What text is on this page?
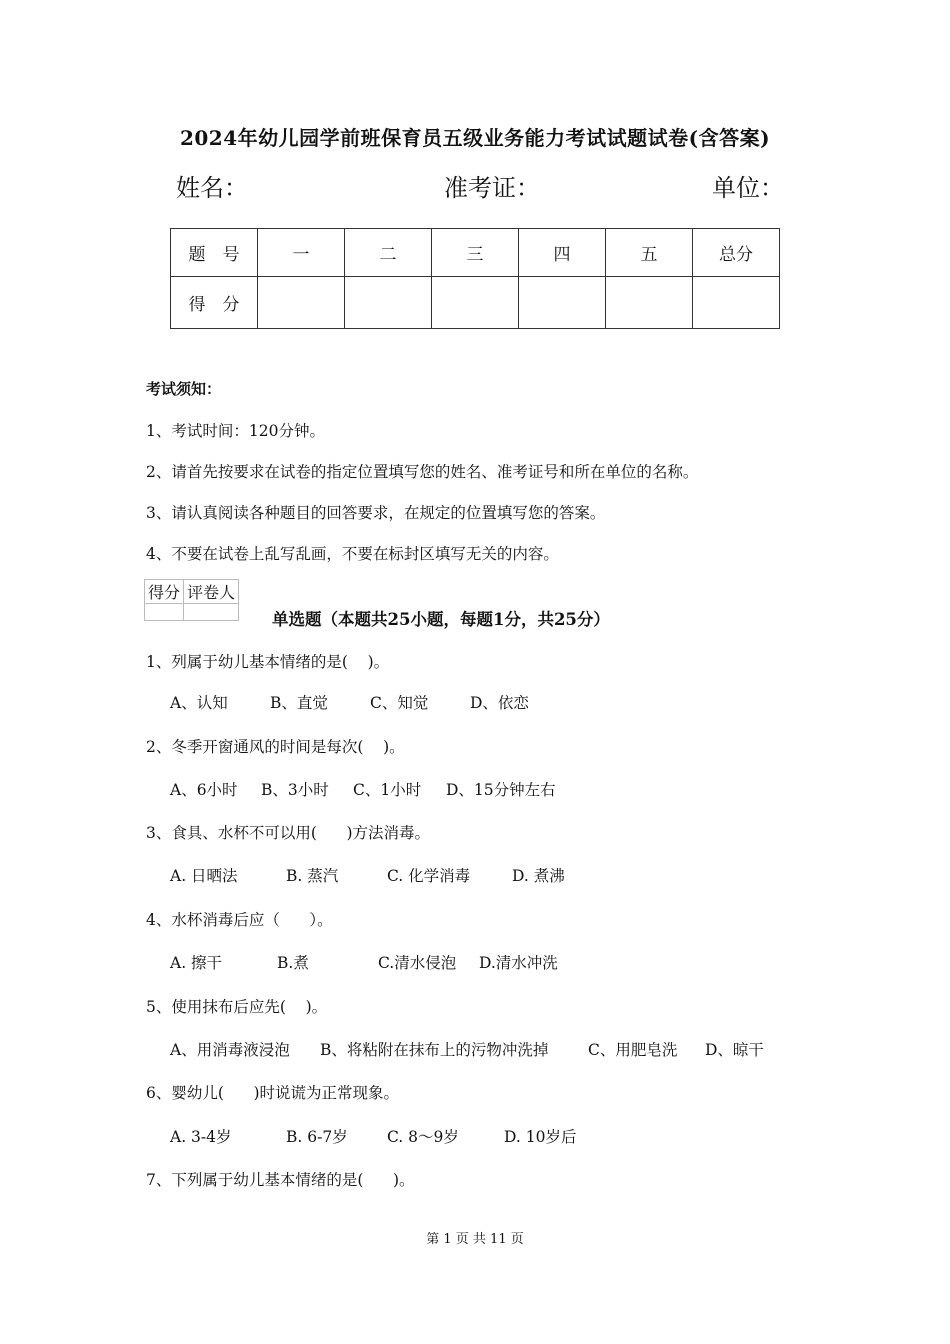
2024年幼儿园学前班保育员五级业务能力考试试题试卷(含答案)
姓名：	准考证：	单位：
题　号	一	二	三	四	五	总分
得　分						
考试须知：
1、考试时间：120分钟。
2、请首先按要求在试卷的指定位置填写您的姓名、准考证号和所在单位的名称。
3、请认真阅读各种题目的回答要求，在规定的位置填写您的答案。
4、不要在试卷上乱写乱画，不要在标封区填写无关的内容。
得分	评卷人

单选题（本题共25小题，每题1分，共25分）
1、列属于幼儿基本情绪的是(    )。
A、认知	B、直觉	C、知觉	D、依恋
2、冬季开窗通风的时间是每次(    )。
A、6小时 B、3小时 C、1小时 D、15分钟左右
3、食具、水杯不可以用(      )方法消毒。
A. 日晒法	B. 蒸汽	C. 化学消毒	D. 煮沸
4、水杯消毒后应（      ）。
A. 擦干	B.煮	C.清水侵泡 D.清水冲洗
5、使用抹布后应先(    )。
A、用消毒液浸泡 B、将粘附在抹布上的污物冲洗掉	C、用肥皂洗 D、晾干
6、婴幼儿(      )时说谎为正常现象。
A. 3-4岁	B. 6-7岁	C. 8～9岁	D. 10岁后
7、下列属于幼儿基本情绪的是(      )。
第 1 页 共 11 页
